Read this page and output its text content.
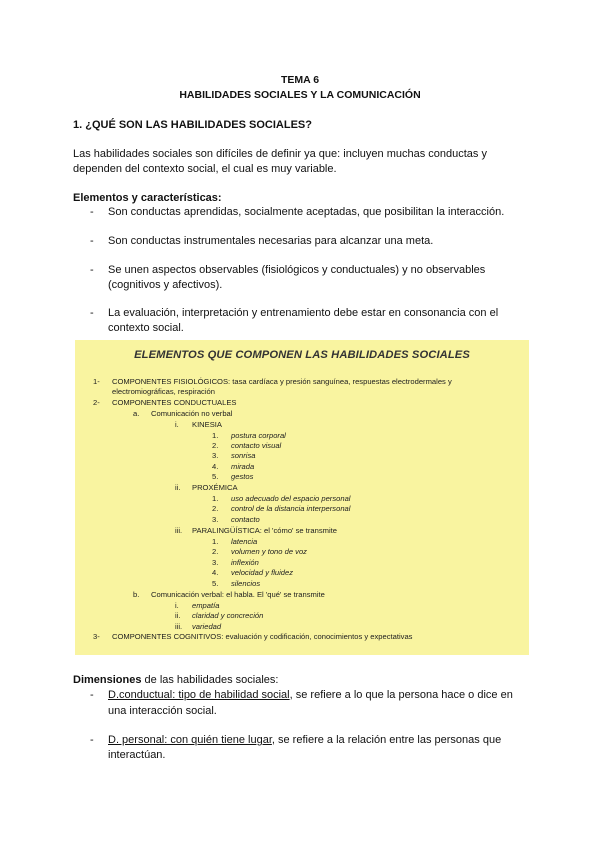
TEMA 6
HABILIDADES SOCIALES Y LA COMUNICACIÓN
1. ¿QUÉ SON LAS HABILIDADES SOCIALES?
Las habilidades sociales son difíciles de definir ya que: incluyen muchas conductas y
dependen del contexto social, el cual es muy variable.
Elementos y características:
- Son conductas aprendidas, socialmente aceptadas, que posibilitan la interacción.
- Son conductas instrumentales necesarias para alcanzar una meta.
- Se unen aspectos observables (fisiológicos y conductuales) y no observables
(cognitivos y afectivos).
- La evaluación, interpretación y entrenamiento debe estar en consonancia con el
contexto social.
ELEMENTOS QUE COMPONEN LAS HABILIDADES SOCIALES
1- COMPONENTES FISIOLÓGICOS: tasa cardíaca y presión sanguínea, respuestas electrodermales y
electromiográficas, respiración
2- COMPONENTES CONDUCTUALES
a. Comunicación no verbal
i. KINESIA
1. postura corporal
2. contacto visual
3. sonrisa
4. mirada
5. gestos
ii. PROXÉMICA
1. uso adecuado del espacio personal
2. control de la distancia interpersonal
3. contacto
iii. PARALINGÜÍSTICA: el 'cómo' se transmite
1. latencia
2. volumen y tono de voz
3. inflexión
4. velocidad y fluidez
5. silencios
b. Comunicación verbal: el habla. El 'qué' se transmite
i. empatía
ii. claridad y concreción
iii. variedad
3- COMPONENTES COGNITIVOS: evaluación y codificación, conocimientos y expectativas
Dimensiones de las habilidades sociales:
- D.conductual: tipo de habilidad social, se refiere a lo que la persona hace o dice en
una interacción social.
- D. personal: con quién tiene lugar, se refiere a la relación entre las personas que
interactúan.
